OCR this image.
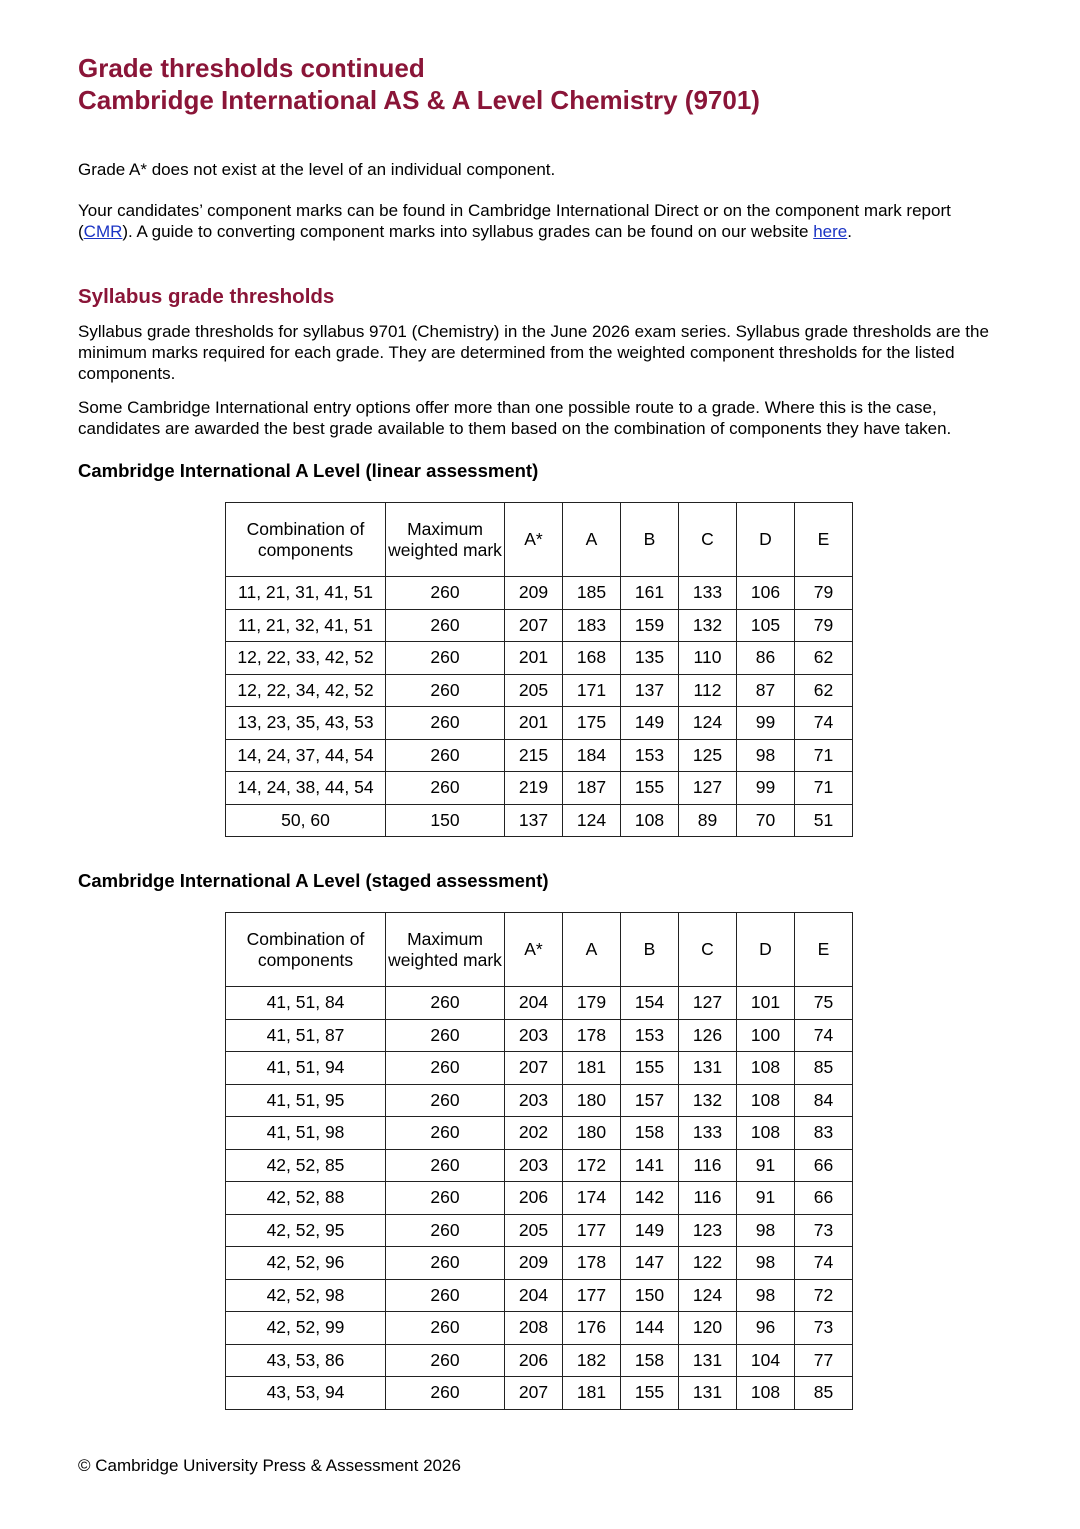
Grade thresholds continued
Cambridge International AS & A Level Chemistry (9701)

Grade A* does not exist at the level of an individual component.

Your candidates’ component marks can be found in Cambridge International Direct or on the component mark report (CMR). A guide to converting component marks into syllabus grades can be found on our website here.

Syllabus grade thresholds

Syllabus grade thresholds for syllabus 9701 (Chemistry) in the June 2026 exam series. Syllabus grade thresholds are the minimum marks required for each grade. They are determined from the weighted component thresholds for the listed components.

Some Cambridge International entry options offer more than one possible route to a grade. Where this is the case, candidates are awarded the best grade available to them based on the combination of components they have taken.

Cambridge International A Level (linear assessment)
Combination of components	Maximum weighted mark	A*	A	B	C	D	E
11, 21, 31, 41, 51	260	209	185	161	133	106	79
11, 21, 32, 41, 51	260	207	183	159	132	105	79
12, 22, 33, 42, 52	260	201	168	135	110	86	62
12, 22, 34, 42, 52	260	205	171	137	112	87	62
13, 23, 35, 43, 53	260	201	175	149	124	99	74
14, 24, 37, 44, 54	260	215	184	153	125	98	71
14, 24, 38, 44, 54	260	219	187	155	127	99	71
50, 60	150	137	124	108	89	70	51
Cambridge International A Level (staged assessment)
Combination of components	Maximum weighted mark	A*	A	B	C	D	E
41, 51, 84	260	204	179	154	127	101	75
41, 51, 87	260	203	178	153	126	100	74
41, 51, 94	260	207	181	155	131	108	85
41, 51, 95	260	203	180	157	132	108	84
41, 51, 98	260	202	180	158	133	108	83
42, 52, 85	260	203	172	141	116	91	66
42, 52, 88	260	206	174	142	116	91	66
42, 52, 95	260	205	177	149	123	98	73
42, 52, 96	260	209	178	147	122	98	74
42, 52, 98	260	204	177	150	124	98	72
42, 52, 99	260	208	176	144	120	96	73
43, 53, 86	260	206	182	158	131	104	77
43, 53, 94	260	207	181	155	131	108	85
© Cambridge University Press & Assessment 2026
